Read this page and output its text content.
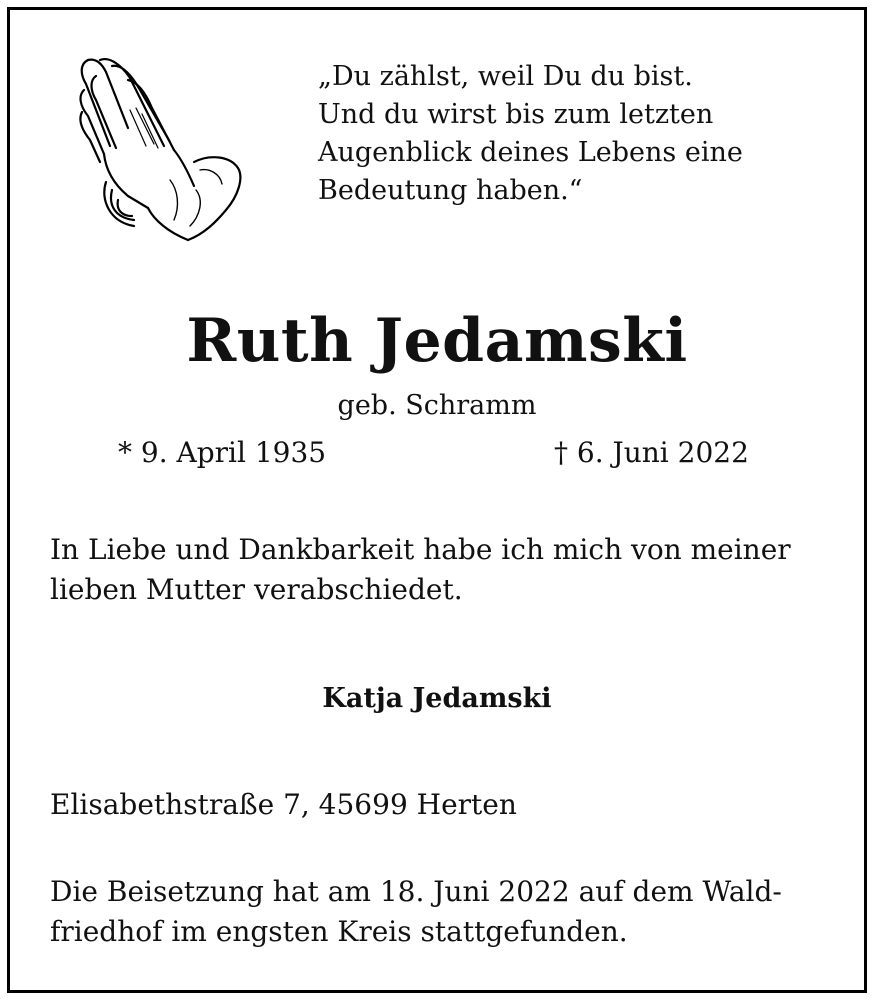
„Du zählst, weil Du du bist.
Und du wirst bis zum letzten
Augenblick deines Lebens eine
Bedeutung haben.“
Ruth Jedamski
geb. Schramm
* 9. April 1935	† 6. Juni 2022
In Liebe und Dankbarkeit habe ich mich von meiner
lieben Mutter verabschiedet.
Katja Jedamski
Elisabethstraße 7, 45699 Herten
Die Beisetzung hat am 18. Juni 2022 auf dem Wald-
friedhof im engsten Kreis stattgefunden.
